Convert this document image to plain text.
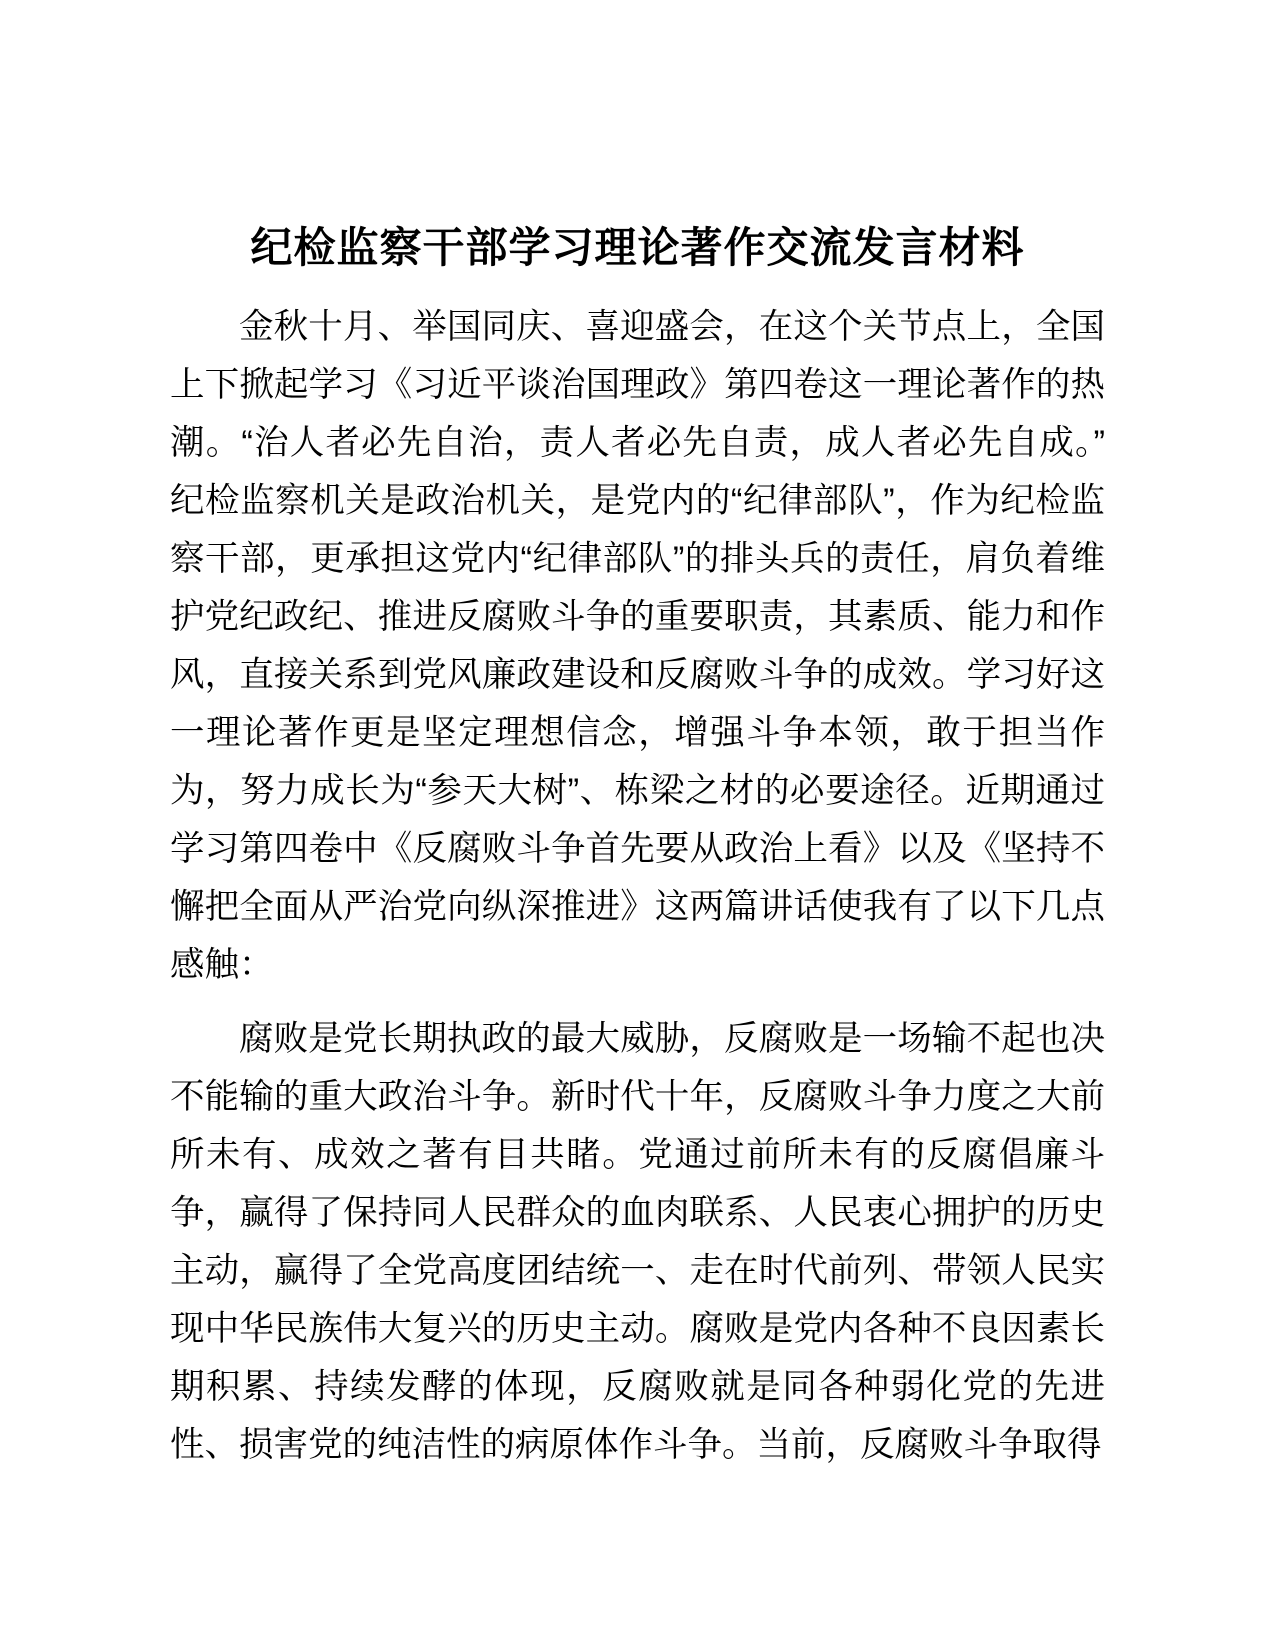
纪检监察干部学习理论著作交流发言材料

金秋十月、举国同庆、喜迎盛会，在这个关节点上，全国上下掀起学习《习近平谈治国理政》第四卷这一理论著作的热潮。“治人者必先自治，责人者必先自责，成人者必先自成。”纪检监察机关是政治机关，是党内的“纪律部队”，作为纪检监察干部，更承担这党内“纪律部队”的排头兵的责任，肩负着维护党纪政纪、推进反腐败斗争的重要职责，其素质、能力和作风，直接关系到党风廉政建设和反腐败斗争的成效。学习好这一理论著作更是坚定理想信念，增强斗争本领，敢于担当作为，努力成长为“参天大树”、栋梁之材的必要途径。近期通过学习第四卷中《反腐败斗争首先要从政治上看》以及《坚持不懈把全面从严治党向纵深推进》这两篇讲话使我有了以下几点感触：

腐败是党长期执政的最大威胁，反腐败是一场输不起也决不能输的重大政治斗争。新时代十年，反腐败斗争力度之大前所未有、成效之著有目共睹。党通过前所未有的反腐倡廉斗争，赢得了保持同人民群众的血肉联系、人民衷心拥护的历史主动，赢得了全党高度团结统一、走在时代前列、带领人民实现中华民族伟大复兴的历史主动。腐败是党内各种不良因素长期积累、持续发酵的体现，反腐败就是同各种弱化党的先进性、损害党的纯洁性的病原体作斗争。当前，反腐败斗争取得
